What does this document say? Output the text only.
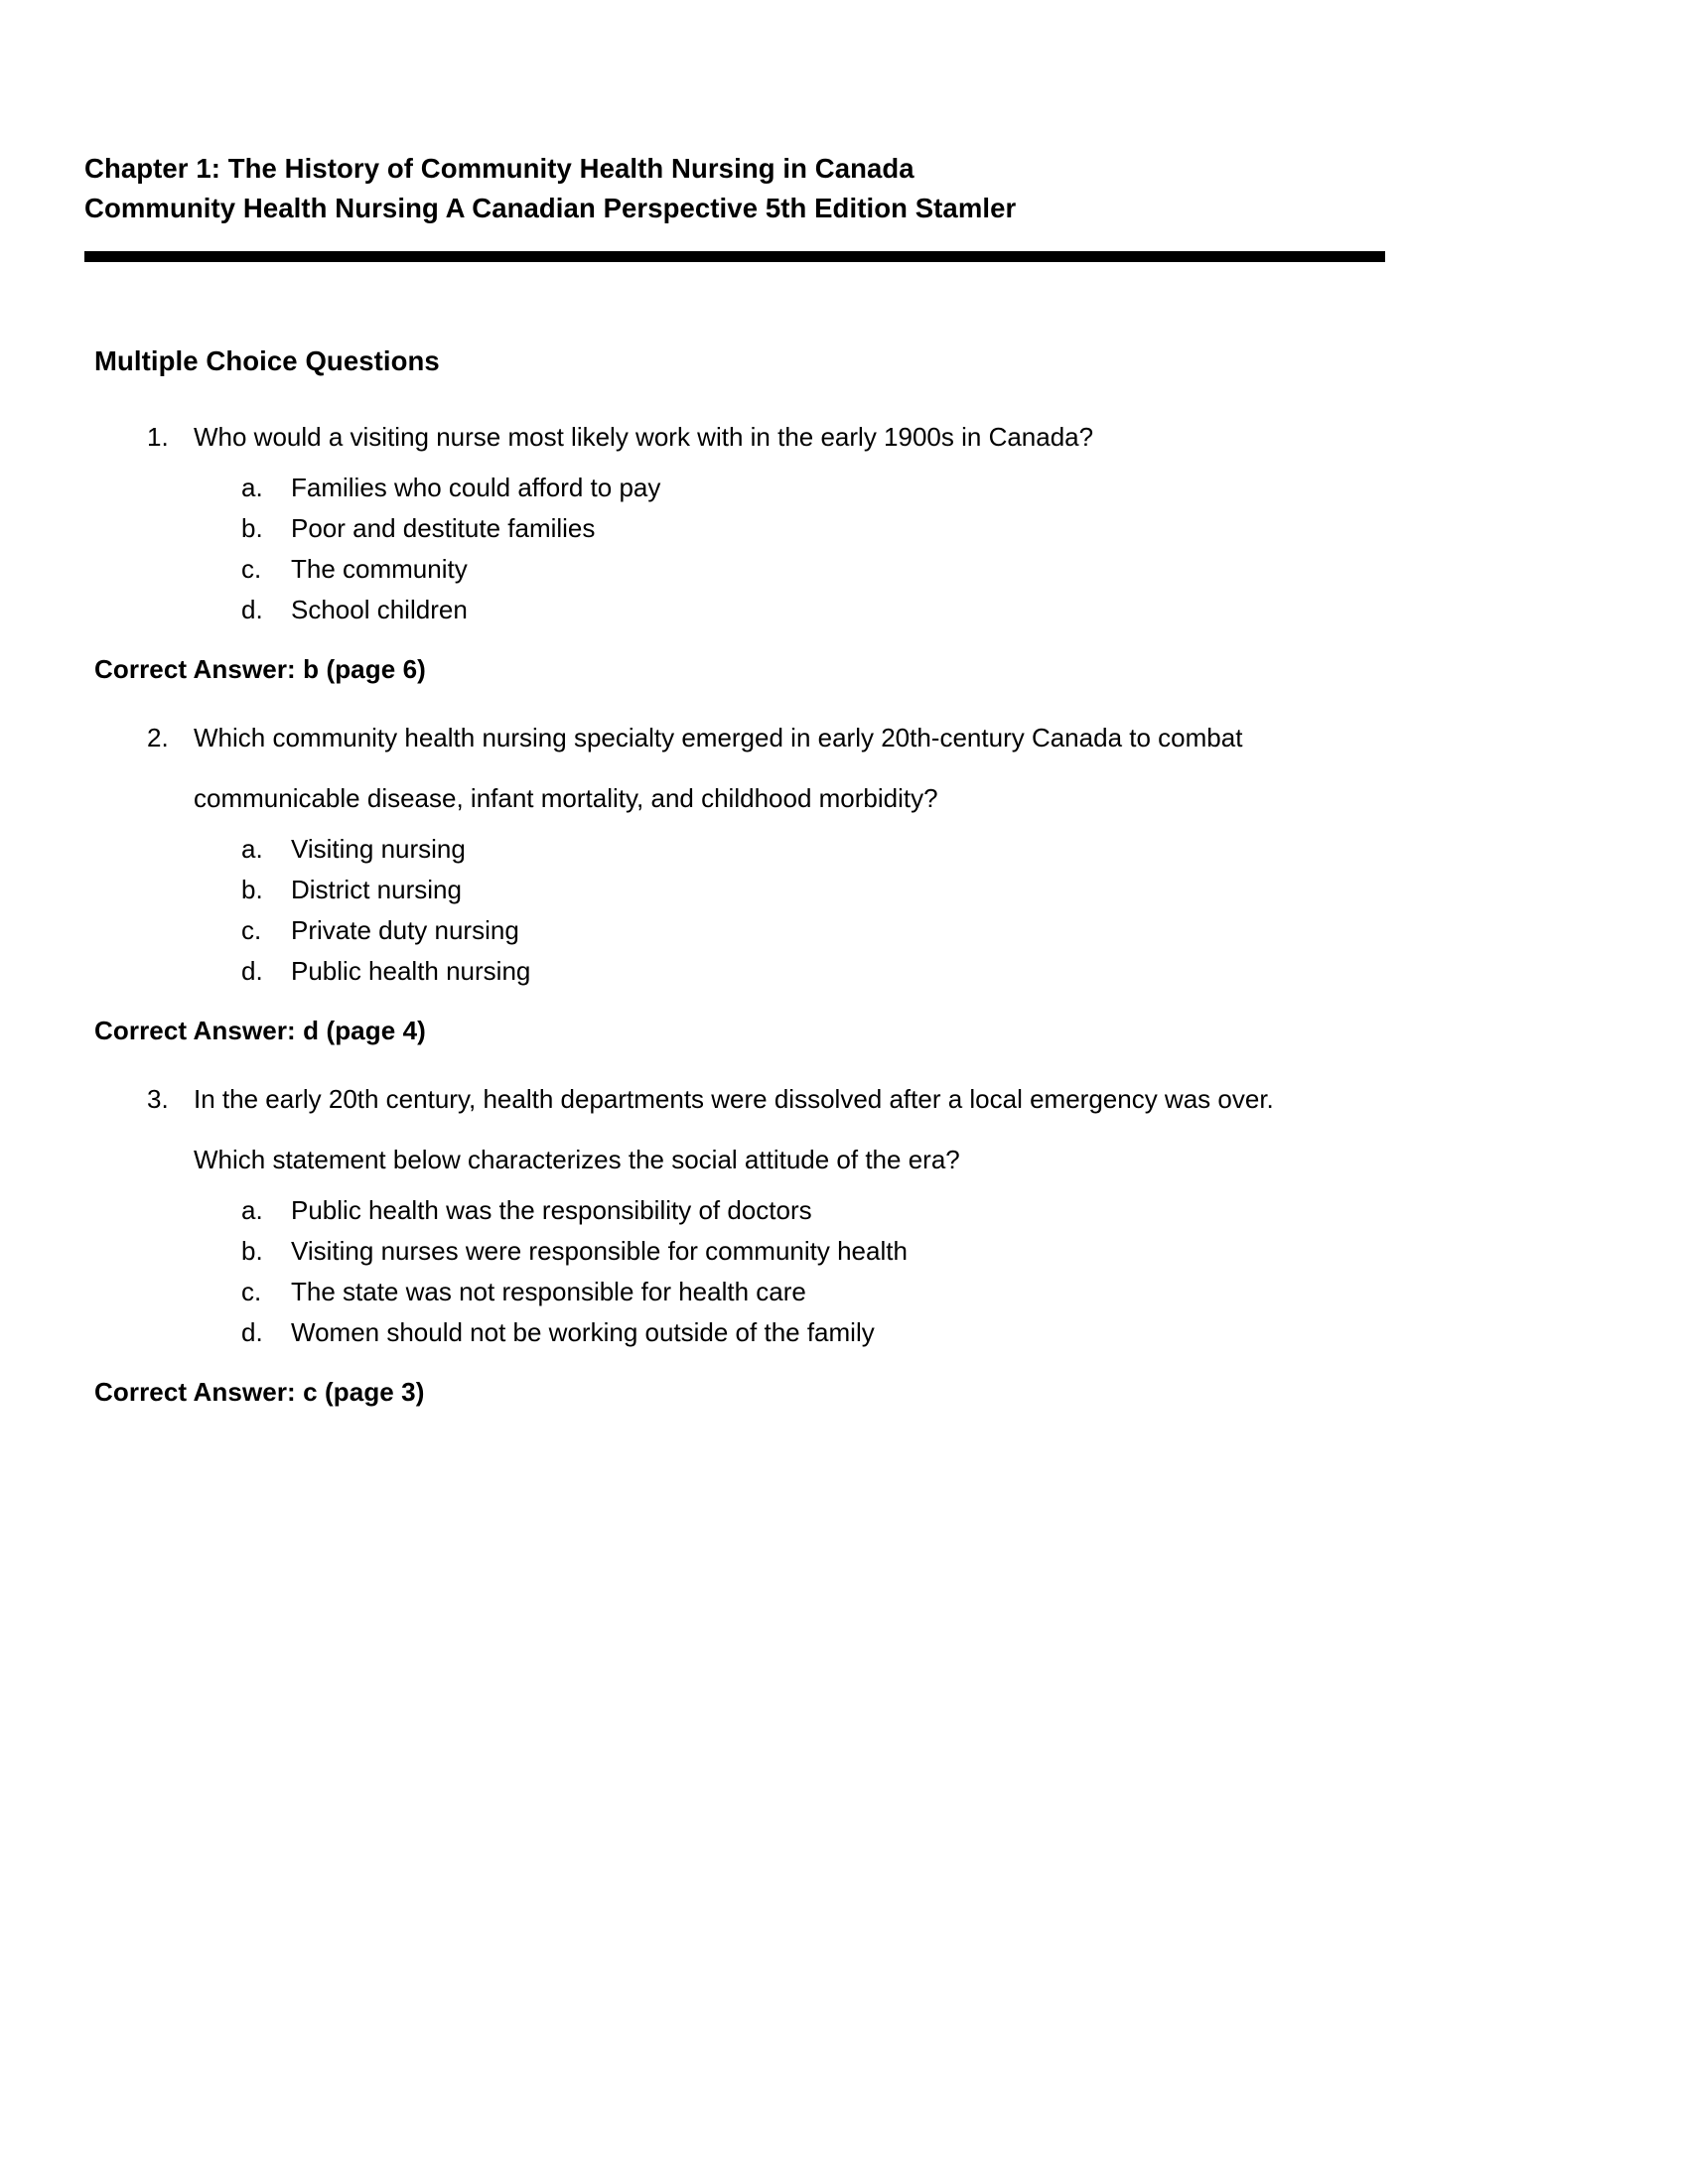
Chapter 1: The History of Community Health Nursing in Canada
Community Health Nursing A Canadian Perspective 5th Edition Stamler
Multiple Choice Questions
1. Who would a visiting nurse most likely work with in the early 1900s in Canada?
a.	Families who could afford to pay
b.	Poor and destitute families
c.	The community
d.	School children
Correct Answer: b (page 6)
2. Which community health nursing specialty emerged in early 20th-century Canada to combat
communicable disease, infant mortality, and childhood morbidity?
a.	Visiting nursing
b.	District nursing
c.	Private duty nursing
d.	Public health nursing
Correct Answer: d (page 4)
3. In the early 20th century, health departments were dissolved after a local emergency was over.
Which statement below characterizes the social attitude of the era?
a.	Public health was the responsibility of doctors
b.	Visiting nurses were responsible for community health
c.	The state was not responsible for health care
d.	Women should not be working outside of the family
Correct Answer: c (page 3)
